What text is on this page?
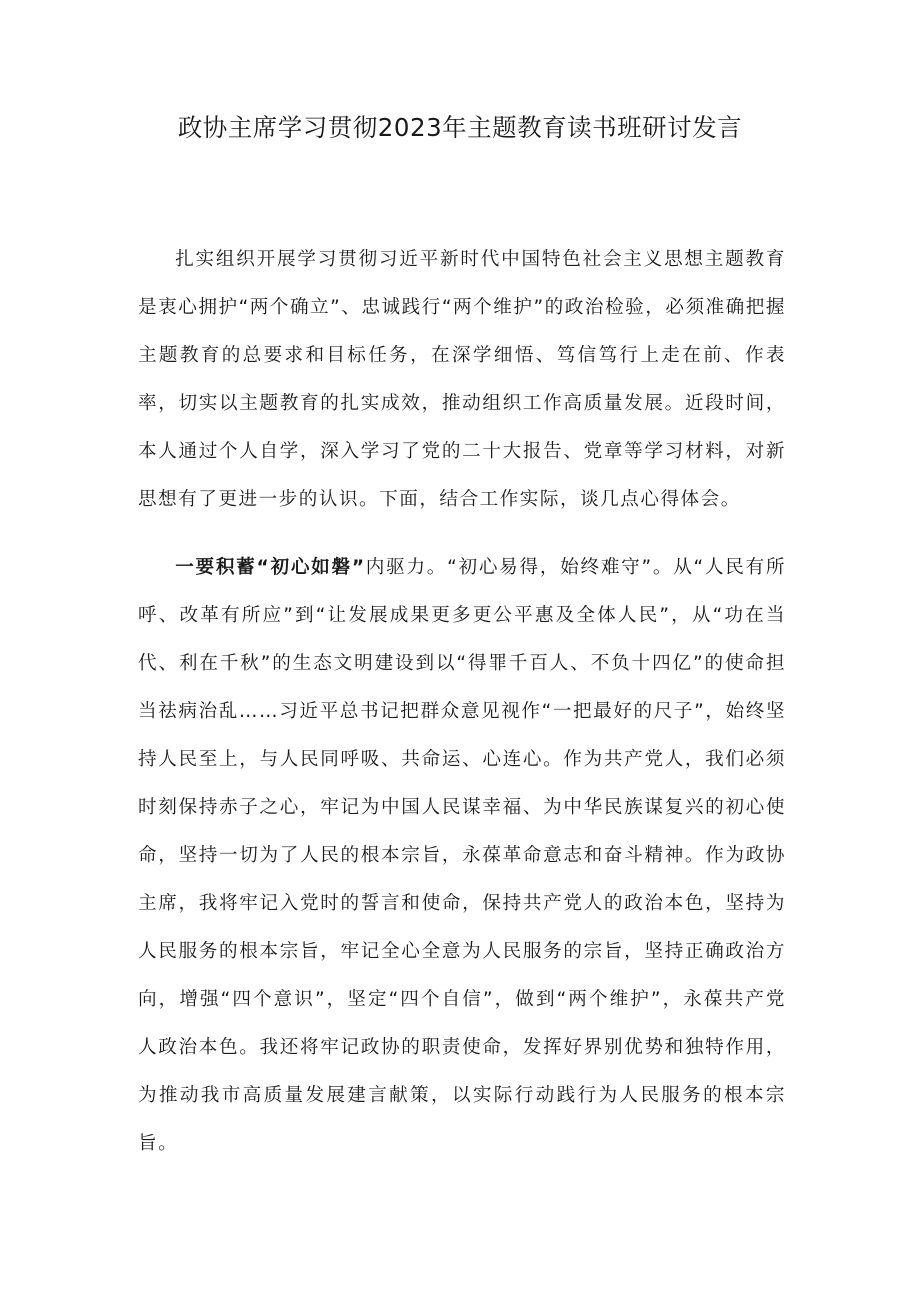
政协主席学习贯彻2023年主题教育读书班研讨发言

扎实组织开展学习贯彻习近平新时代中国特色社会主义思想主题教育是衷心拥护“两个确立”、忠诚践行“两个维护”的政治检验，必须准确把握主题教育的总要求和目标任务，在深学细悟、笃信笃行上走在前、作表率，切实以主题教育的扎实成效，推动组织工作高质量发展。近段时间，本人通过个人自学，深入学习了党的二十大报告、党章等学习材料，对新思想有了更进一步的认识。下面，结合工作实际，谈几点心得体会。

一要积蓄“初心如磐”内驱力。“初心易得，始终难守”。从“人民有所呼、改革有所应”到“让发展成果更多更公平惠及全体人民”，从“功在当代、利在千秋”的生态文明建设到以“得罪千百人、不负十四亿”的使命担当祛病治乱……习近平总书记把群众意见视作“一把最好的尺子”，始终坚持人民至上，与人民同呼吸、共命运、心连心。作为共产党人，我们必须时刻保持赤子之心，牢记为中国人民谋幸福、为中华民族谋复兴的初心使命，坚持一切为了人民的根本宗旨，永葆革命意志和奋斗精神。作为政协主席，我将牢记入党时的誓言和使命，保持共产党人的政治本色，坚持为人民服务的根本宗旨，牢记全心全意为人民服务的宗旨，坚持正确政治方向，增强“四个意识”，坚定“四个自信”，做到“两个维护”，永葆共产党人政治本色。我还将牢记政协的职责使命，发挥好界别优势和独特作用，为推动我市高质量发展建言献策，以实际行动践行为人民服务的根本宗旨。
